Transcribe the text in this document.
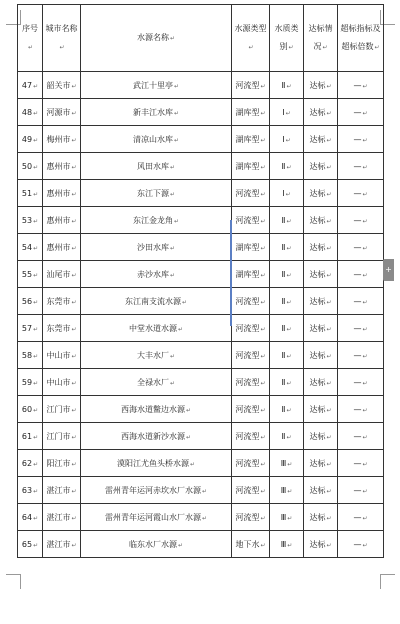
序号↵	城市名称↵	水源名称↵	水源类型↵	水质类别↵	达标情况↵	超标指标及超标倍数↵
47↵	韶关市↵	武江十里亭↵	河流型↵	Ⅱ↵	达标↵	—↵
48↵	河源市↵	新丰江水库↵	湖库型↵	Ⅰ↵	达标↵	—↵
49↵	梅州市↵	清凉山水库↵	湖库型↵	Ⅰ↵	达标↵	—↵
50↵	惠州市↵	风田水库↵	湖库型↵	Ⅱ↵	达标↵	—↵
51↵	惠州市↵	东江下源↵	河流型↵	Ⅰ↵	达标↵	—↵
53↵	惠州市↵	东江金龙角↵	河流型↵	Ⅱ↵	达标↵	—↵
54↵	惠州市↵	沙田水库↵	湖库型↵	Ⅱ↵	达标↵	—↵
55↵	汕尾市↵	赤沙水库↵	湖库型↵	Ⅱ↵	达标↵	—↵
56↵	东莞市↵	东江南支流水源↵	河流型↵	Ⅱ↵	达标↵	—↵
57↵	东莞市↵	中堂水道水源↵	河流型↵	Ⅱ↵	达标↵	—↵
58↵	中山市↵	大丰水厂↵	河流型↵	Ⅱ↵	达标↵	—↵
59↵	中山市↵	全禄水厂↵	河流型↵	Ⅱ↵	达标↵	—↵
60↵	江门市↵	西海水道鳖边水源↵	河流型↵	Ⅱ↵	达标↵	—↵
61↵	江门市↵	西海水道新沙水源↵	河流型↵	Ⅱ↵	达标↵	—↵
62↵	阳江市↵	漠阳江尤鱼头桥水源↵	河流型↵	Ⅲ↵	达标↵	—↵
63↵	湛江市↵	雷州青年运河赤坎水厂水源↵	河流型↵	Ⅲ↵	达标↵	—↵
64↵	湛江市↵	雷州青年运河霞山水厂水源↵	河流型↵	Ⅲ↵	达标↵	—↵
65↵	湛江市↵	临东水厂水源↵	地下水↵	Ⅲ↵	达标↵	—↵
+
